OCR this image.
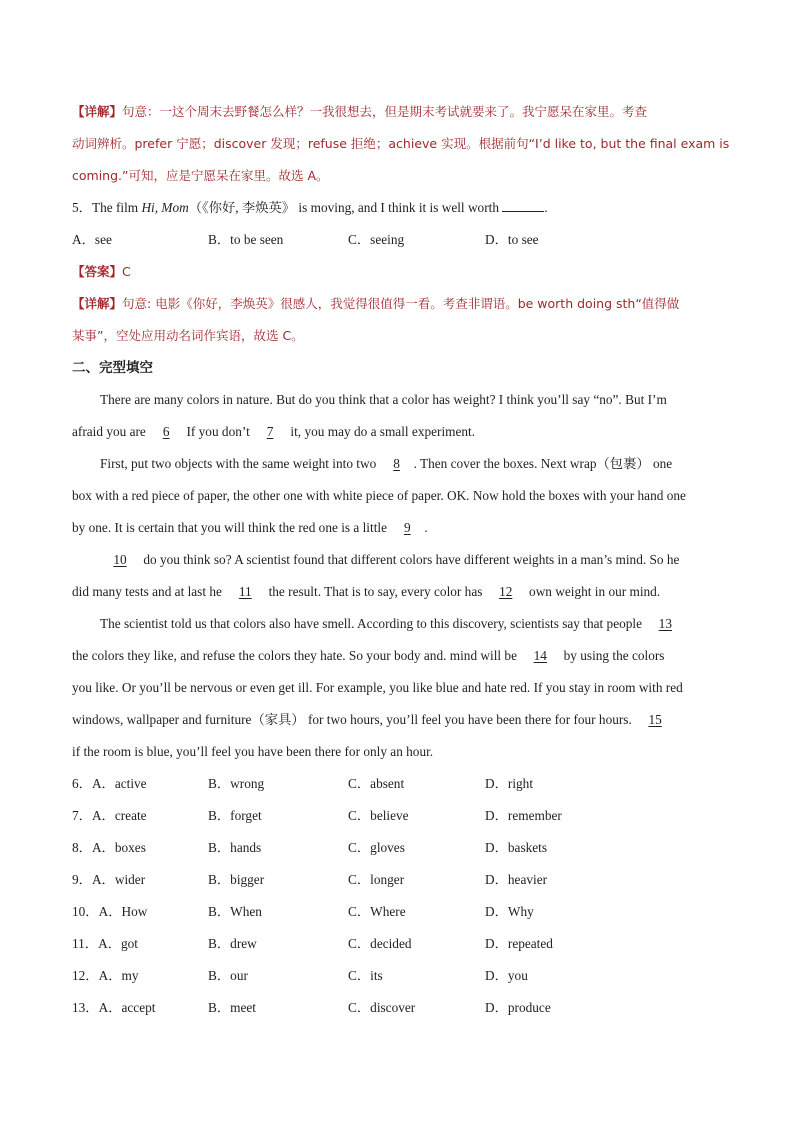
【详解】句意：一这个周末去野餐怎么样？一我很想去，但是期末考试就要来了。我宁愿呆在家里。考查
动词辨析。prefer 宁愿；discover 发现；refuse 拒绝；achieve 实现。根据前句“I’d like to, but the final exam is
coming.”可知，应是宁愿呆在家里。故选 A。
5．The film Hi, Mom（《你好, 李焕英》 is moving, and I think it is well worth	.
A．see	B．to be seen	C．seeing	D．to see
【答案】C
【详解】句意: 电影《你好，李焕英》很感人，我觉得很值得一看。考查非谓语。be worth doing sth“值得做
某事”，空处应用动名词作宾语，故选 C。
二、完型填空
There are many colors in nature. But do you think that a color has weight? I think you’ll say “no”. But I’m
afraid you are 6 If you don’t 7 it, you may do a small experiment.
First, put two objects with the same weight into two 8 . Then cover the boxes. Next wrap（包裹） one
box with a red piece of paper, the other one with white piece of paper. OK. Now hold the boxes with your hand one
by one. It is certain that you will think the red one is a little 9 .
10 do you think so? A scientist found that different colors have different weights in a man’s mind. So he
did many tests and at last he 11 the result. That is to say, every color has 12 own weight in our mind.
The scientist told us that colors also have smell. According to this discovery, scientists say that people 13
the colors they like, and refuse the colors they hate. So your body and. mind will be 14 by using the colors
you like. Or you’ll be nervous or even get ill. For example, you like blue and hate red. If you stay in room with red
windows, wallpaper and furniture（家具） for two hours, you’ll feel you have been there for four hours. 15
if the room is blue, you’ll feel you have been there for only an hour.
6．A．active	B．wrong	C．absent	D．right
7．A．create	B．forget	C．believe	D．remember
8．A．boxes	B．hands	C．gloves	D．baskets
9．A．wider	B．bigger	C．longer	D．heavier
10．A．How	B．When	C．Where	D．Why
11．A．got	B．drew	C．decided	D．repeated
12．A．my	B．our	C．its	D．you
13．A．accept	B．meet	C．discover	D．produce
